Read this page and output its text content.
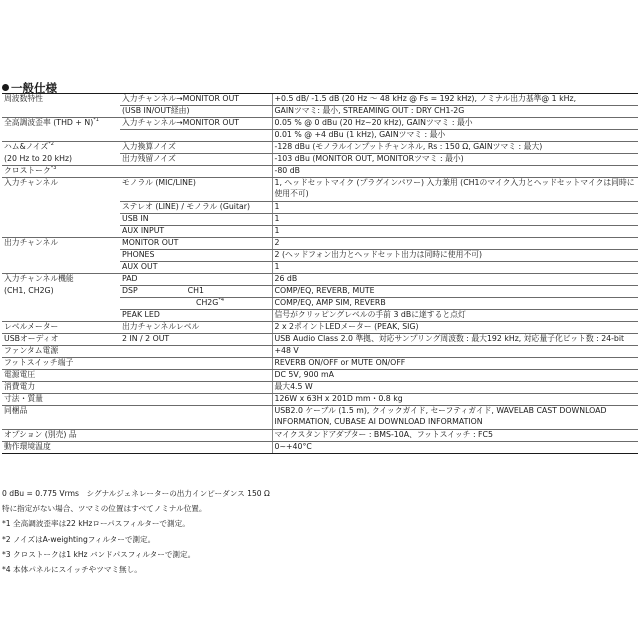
一般仕様
周波数特性	入力チャンネル→MONITOR OUT	+0.5 dB/ -1.5 dB (20 Hz ～ 48 kHz @ Fs = 192 kHz), ノミナル出力基準@ 1 kHz,
	(USB IN/OUT経由)	GAINツマミ: 最小, STREAMING OUT : DRY CH1-2G
全高調波歪率 (THD + N)$^{*1}$	入力チャンネル→MONITOR OUT	0.05 % @ 0 dBu (20 Hz~20 kHz), GAINツマミ : 最小
		0.01 % @ +4 dBu (1 kHz), GAINツマミ : 最小
ハム&ノイズ$^{*2}$	入力換算ノイズ	-128 dBu (モノラルインプットチャンネル, Rs : 150 Ω, GAINツマミ : 最大)
(20 Hz to 20 kHz)	出力残留ノイズ	-103 dBu (MONITOR OUT, MONITORツマミ : 最小)
クロストーク$^{*3}$		-80 dB
入力チャンネル	モノラル (MIC/LINE)	1, ヘッドセットマイク (プラグインパワー) 入力兼用 (CH1のマイク入力とヘッドセットマイクは同時に使用不可)
	ステレオ (LINE) / モノラル (Guitar)	1
	USB IN	1
	AUX INPUT	1
出力チャンネル	MONITOR OUT	2
	PHONES	2 (ヘッドフォン出力とヘッドセット出力は同時に使用不可)
	AUX OUT	1
入力チャンネル機能	PAD	26 dB
(CH1, CH2G)	DSP CH1	COMP/EQ, REVERB, MUTE
	$CH2G^{*4}$	COMP/EQ, AMP SIM, REVERB
	PEAK LED	信号がクリッピングレベルの手前 3 dBに達すると点灯
レベルメーター	出力チャンネルレベル	2 x 2ポイントLEDメーター (PEAK, SIG)
USBオーディオ	2 IN / 2 OUT	USB Audio Class 2.0 準拠、対応サンプリング周波数 : 最大192 kHz, 対応量子化ビット数 : 24-bit
ファンタム電源		+48 V
フットスイッチ端子		REVERB ON/OFF or MUTE ON/OFF
電源電圧		DC 5V, 900 mA
消費電力		最大4.5 W
寸法・質量		126W x 63H x 201D mm・0.8 kg
同梱品		USB2.0 ケーブル (1.5 m), クイックガイド, セーフティガイド, WAVELAB CAST DOWNLOAD INFORMATION, CUBASE AI DOWNLOAD INFORMATION
オプション (別売) 品		マイクスタンドアダプター : BMS-10A、フットスイッチ : FC5
動作環境温度		0~+40°C
0 dBu = 0.775 Vrms　シグナルジェネレーターの出力インピーダンス 150 Ω
特に指定がない場合、ツマミの位置はすべてノミナル位置。
*1 全高調波歪率は22 kHzローパスフィルターで測定。
*2 ノイズはA-weightingフィルターで測定。
*3 クロストークは1 kHz バンドパスフィルターで測定。
*4 本体パネルにスイッチやツマミ無し。
